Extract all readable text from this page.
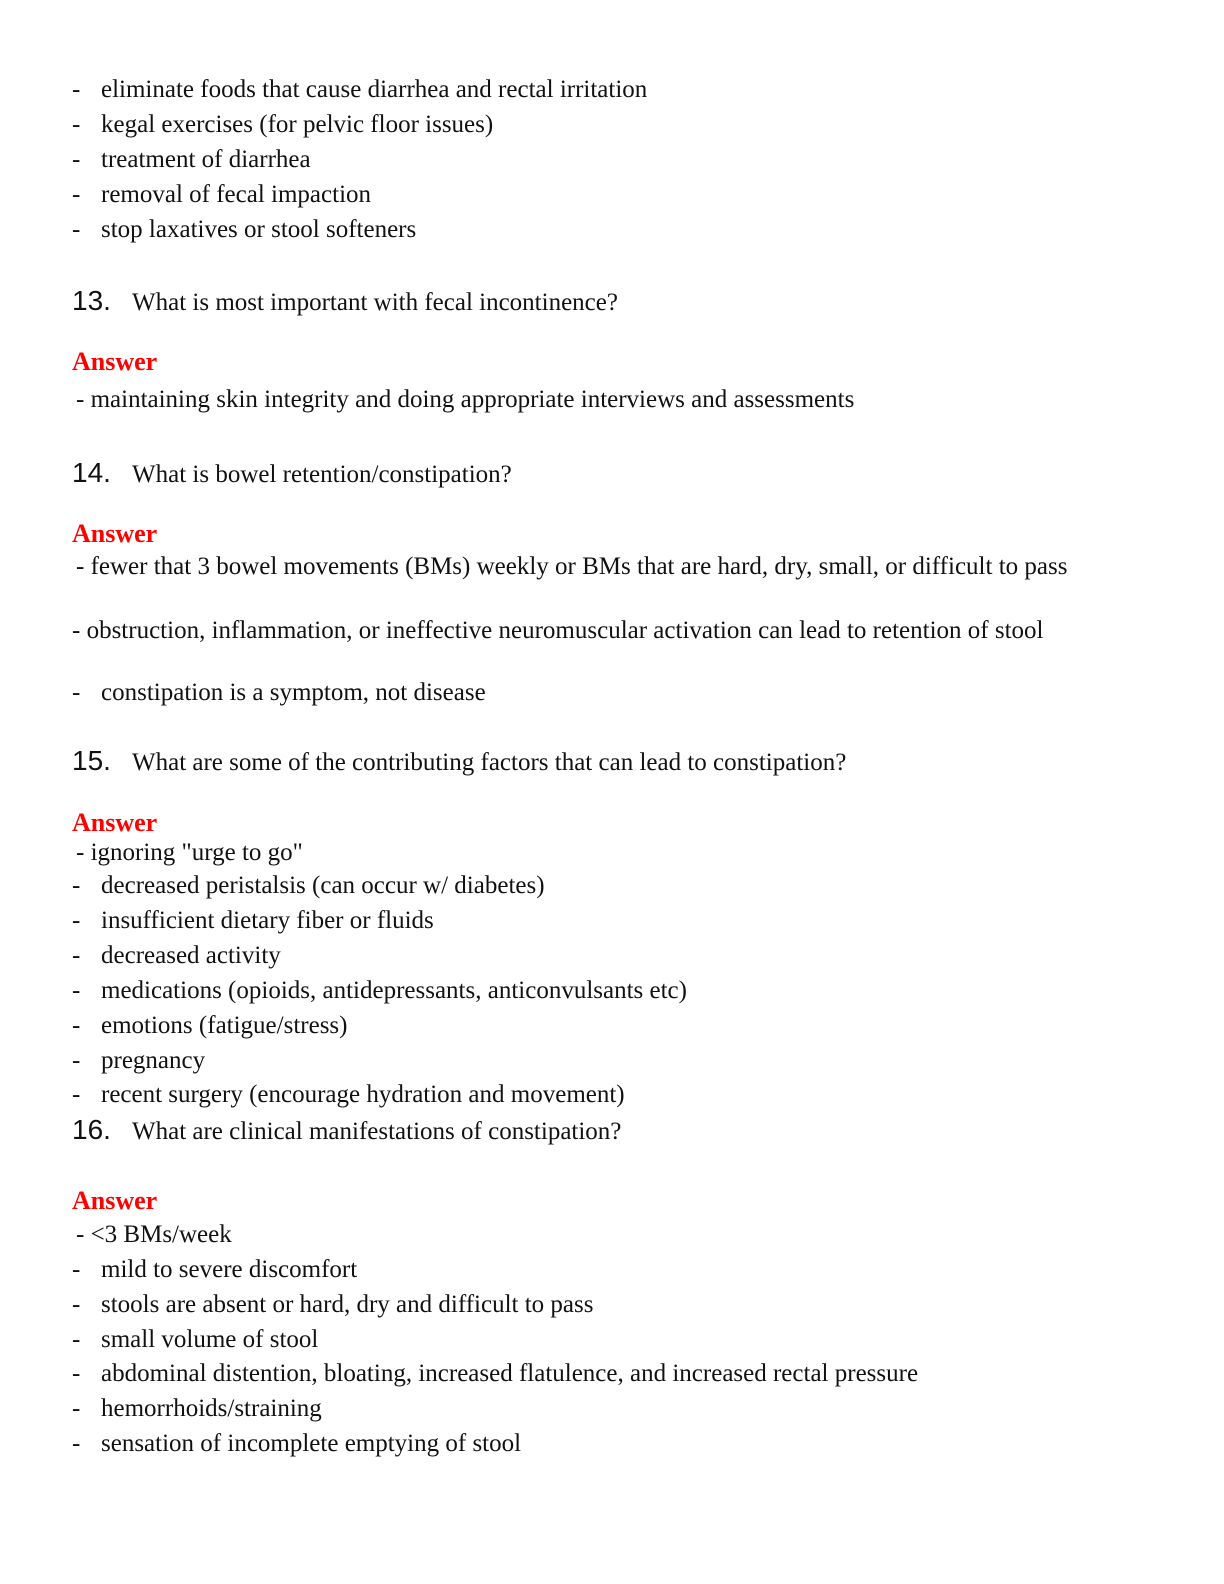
- eliminate foods that cause diarrhea and rectal irritation
- kegal exercises (for pelvic floor issues)
- treatment of diarrhea
- removal of fecal impaction
- stop laxatives or stool softeners
13. What is most important with fecal incontinence?
Answer
- maintaining skin integrity and doing appropriate interviews and assessments
14. What is bowel retention/constipation?
Answer
- fewer that 3 bowel movements (BMs) weekly or BMs that are hard, dry, small, or difficult to pass
- obstruction, inflammation, or ineffective neuromuscular activation can lead to retention of stool
- constipation is a symptom, not disease
15. What are some of the contributing factors that can lead to constipation?
Answer
- ignoring "urge to go"
- decreased peristalsis (can occur w/ diabetes)
- insufficient dietary fiber or fluids
- decreased activity
- medications (opioids, antidepressants, anticonvulsants etc)
- emotions (fatigue/stress)
- pregnancy
- recent surgery (encourage hydration and movement)
16. What are clinical manifestations of constipation?
Answer
- <3 BMs/week
- mild to severe discomfort
- stools are absent or hard, dry and difficult to pass
- small volume of stool
- abdominal distention, bloating, increased flatulence, and increased rectal pressure
- hemorrhoids/straining
- sensation of incomplete emptying of stool
